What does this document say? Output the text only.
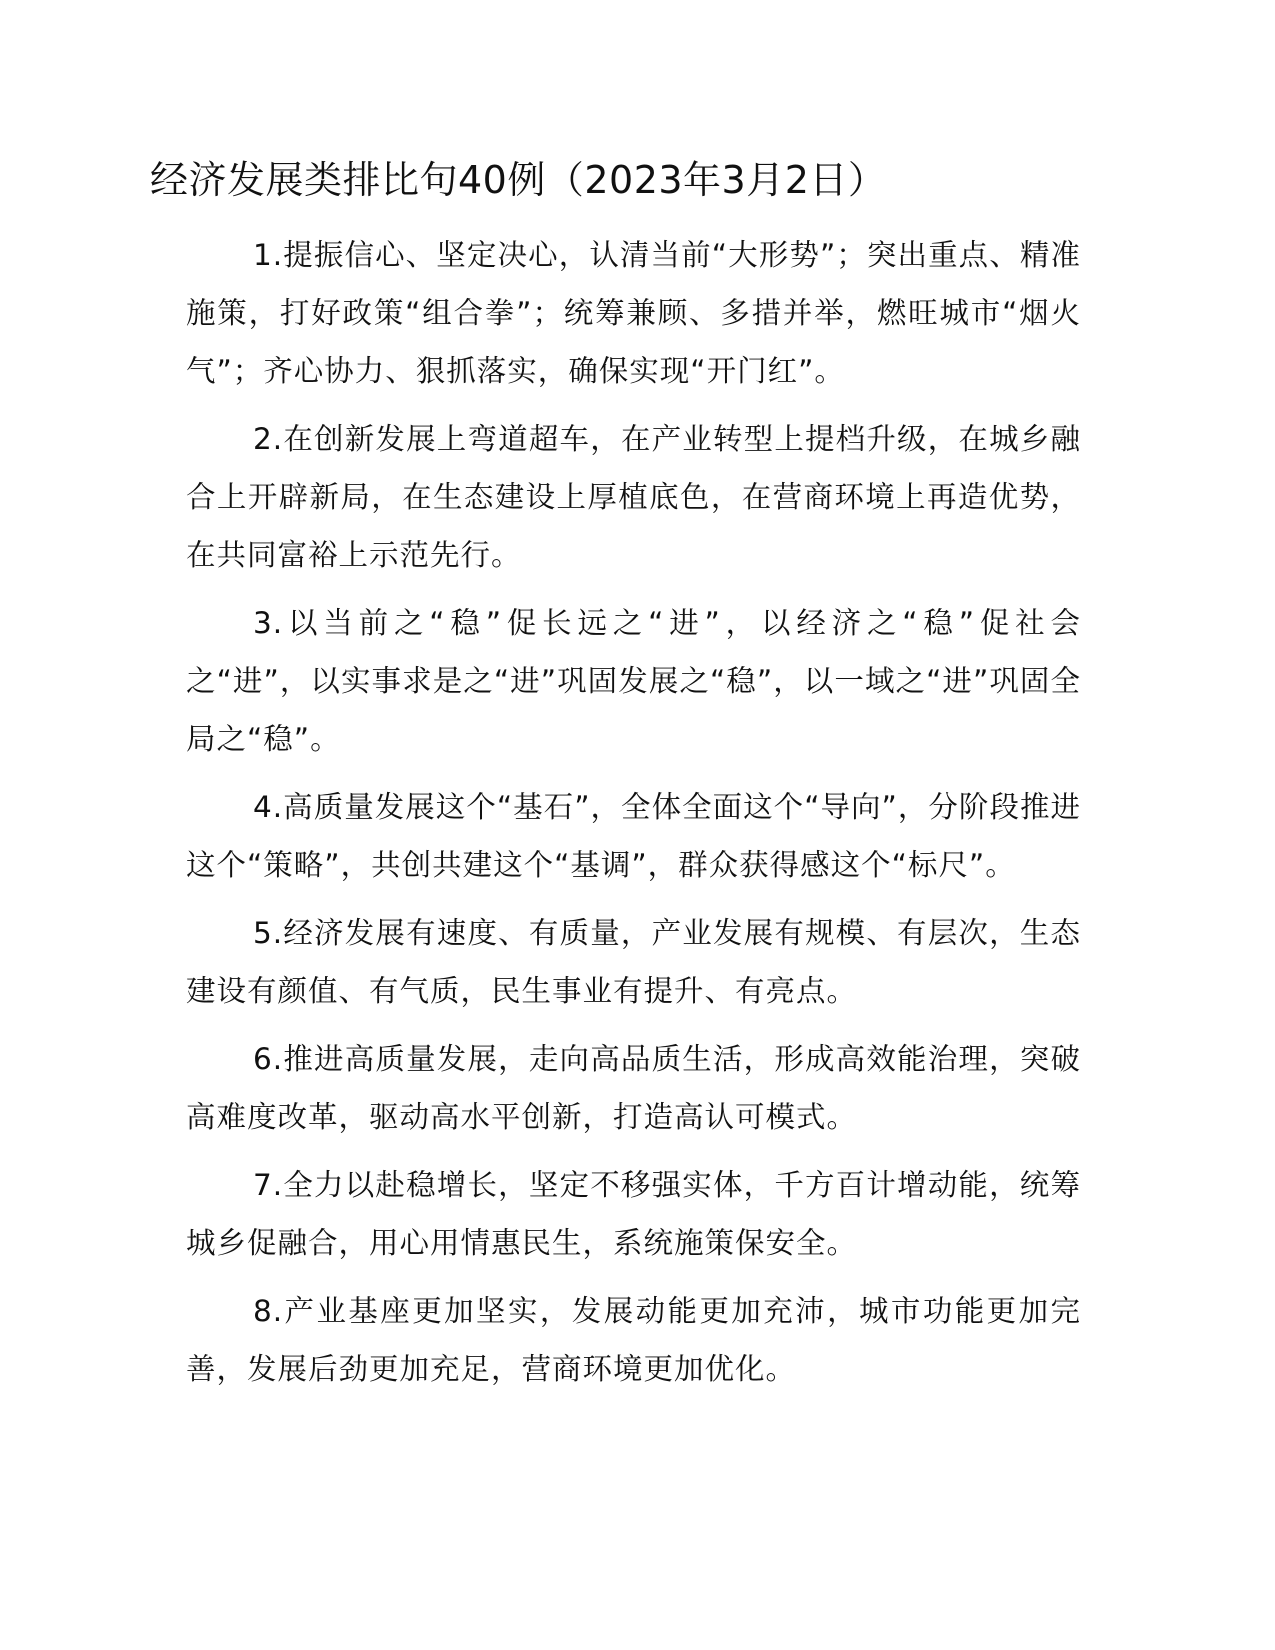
经济发展类排比句40例（2023年3月2日）

1.提振信心、坚定决心，认清当前“大形势”；突出重点、精准施策，打好政策“组合拳”；统筹兼顾、多措并举，燃旺城市“烟火气”；齐心协力、狠抓落实，确保实现“开门红”。

2.在创新发展上弯道超车，在产业转型上提档升级，在城乡融合上开辟新局，在生态建设上厚植底色，在营商环境上再造优势，在共同富裕上示范先行。

3.以当前之“稳”促长远之“进”，以经济之“稳”促社会之“进”，以实事求是之“进”巩固发展之“稳”，以一域之“进”巩固全局之“稳”。

4.高质量发展这个“基石”，全体全面这个“导向”，分阶段推进这个“策略”，共创共建这个“基调”，群众获得感这个“标尺”。

5.经济发展有速度、有质量，产业发展有规模、有层次，生态建设有颜值、有气质，民生事业有提升、有亮点。

6.推进高质量发展，走向高品质生活，形成高效能治理，突破高难度改革，驱动高水平创新，打造高认可模式。

7.全力以赴稳增长，坚定不移强实体，千方百计增动能，统筹城乡促融合，用心用情惠民生，系统施策保安全。

8.产业基座更加坚实，发展动能更加充沛，城市功能更加完善，发展后劲更加充足，营商环境更加优化。
